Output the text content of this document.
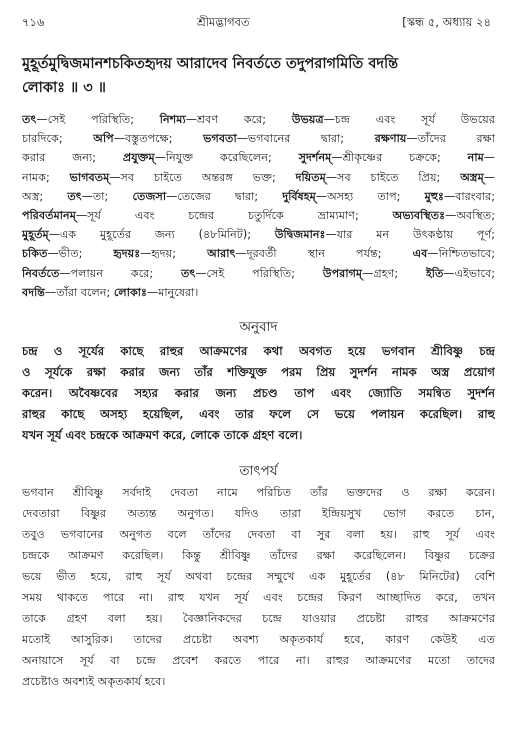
৭১৬	শ্রীমদ্ভাগবত	[স্কন্ধ ৫, অধ্যায় ২৪
মুহূর্তমুদ্বিজমানশচকিতহৃদয় আরাদেব নিবর্ততে তদুপরাগমিতি বদন্তি
লোকাঃ ॥ ৩ ॥
তৎ—সেই পরিস্থিতি; নিশম্য—শ্রবণ করে; উভয়ত্র—চন্দ্র এবং সূর্য উভয়ের
চারদিকে; অপি—বস্তুতপক্ষে; ভগবতা—ভগবানের দ্বারা; রক্ষণায়—তাঁদের রক্ষা
করার জন্য; প্রযুক্তম্—নিযুক্ত করেছিলেন; সুদর্শনম্—শ্রীকৃষ্ণের চক্রকে; নাম—
নামক; ভাগবতম্—সব চাইতে অন্তরঙ্গ ভক্ত; দয়িতম্—সব চাইতে প্রিয়; অস্ত্রম্—
অস্ত্র; তৎ—তা; তেজসা—তেজের দ্বারা; দুর্বিষহম্—অসহ্য তাপ; মুহুঃ—বারংবার;
পরিবর্তমানম্—সূর্য এবং চন্দ্রের চতুর্দিকে ভ্রাম্যমাণ; অভ্যবস্থিতঃ—অবস্থিত;
মুহূর্তম্—এক মুহূর্তের জন্য (৪৮মিনিট); উদ্বিজমানঃ—যার মন উৎকণ্ঠায় পূর্ণ;
চকিত—ভীত; হৃদয়ঃ—হৃদয়; আরাৎ—দূরবর্তী স্থান পর্যন্ত; এব—নিশ্চিতভাবে;
নিবর্ততে—পলায়ন করে; তৎ—সেই পরিস্থিতি; উপরাগম্—গ্রহণ; ইতি—এইভাবে;
বদন্তি—তাঁরা বলেন; লোকাঃ—মানুষেরা।
অনুবাদ
চন্দ্র ও সূর্যের কাছে রাহুর আক্রমণের কথা অবগত হয়ে ভগবান শ্রীবিষ্ণু চন্দ্র
ও সূর্যকে রক্ষা করার জন্য তাঁর শক্তিযুক্ত পরম প্রিয় সুদর্শন নামক অস্ত্র প্রয়োগ
করেন। অবৈষ্ণবের সহ্যর করার জন্য প্রচণ্ড তাপ এবং জ্যোতি সমন্বিত সুদর্শন
রাহুর কাছে অসহ্য হয়েছিল, এবং তার ফলে সে ভয়ে পলায়ন করেছিল। রাহু
যখন সূর্য এবং চন্দ্রকে আক্রমণ করে, লোকে তাকে গ্রহণ বলে।
তাৎপর্য
ভগবান শ্রীবিষ্ণু সর্বদাই দেবতা নামে পরিচিত তাঁর ভক্তদের ও রক্ষা করেন।
দেবতারা বিষ্ণুর অত্যন্ত অনুগত। যদিও তারা ইন্দ্রিয়সুখ ভোগ করতে চান,
তবুও ভগবানের অনুগত বলে তাঁদের দেবতা বা সুর বলা হয়। রাহু সূর্য এবং
চন্দ্রকে আক্রমণ করেছিল। কিন্তু শ্রীবিষ্ণু তাঁদের রক্ষা করেছিলেন। বিষ্ণুর চক্রের
ভয়ে ভীত হয়ে, রাহু সূর্য অথবা চন্দ্রের সম্মুখে এক মুহূর্তের (৪৮ মিনিটের) বেশি
সময় থাকতে পারে না। রাহু যখন সূর্য এবং চন্দ্রের কিরণ আচ্ছাদিত করে, তখন
তাকে গ্রহণ বলা হয়। বৈজ্ঞানিকদের চন্দ্রে যাওয়ার প্রচেষ্টা রাহুর আক্রমণের
মতোই আসুরিক। তাদের প্রচেষ্টা অবশ্য অকৃতকার্য হবে, কারণ কেউই এত
অনায়াসে সূর্য বা চন্দ্রে প্রবেশ করতে পারে না। রাহুর আক্রমণের মতো তাদের
প্রচেষ্টাও অবশ্যই অকৃতকার্য হবে।
